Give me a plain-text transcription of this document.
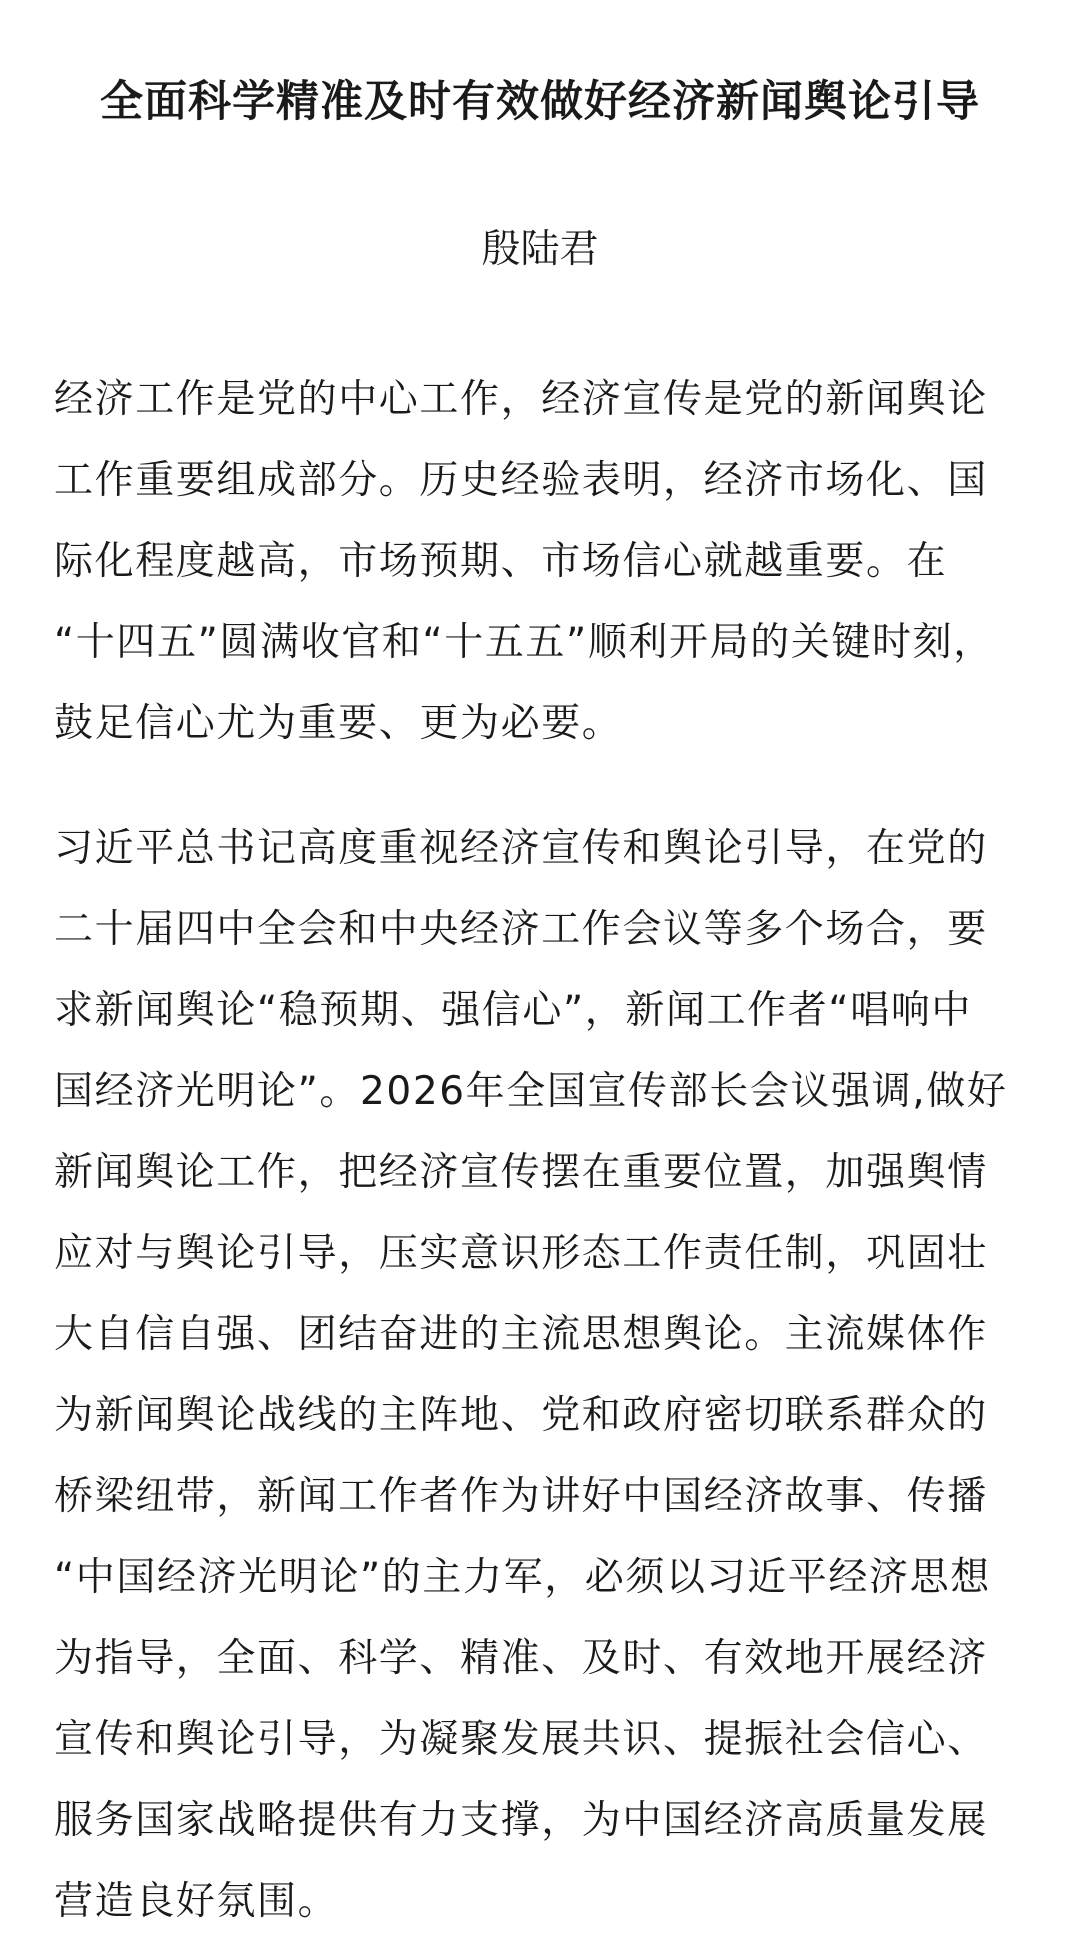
全面科学精准及时有效做好经济新闻舆论引导
殷陆君
经济工作是党的中心工作，经济宣传是党的新闻舆论
工作重要组成部分。历史经验表明，经济市场化、国
际化程度越高，市场预期、市场信心就越重要。在
“十四五”圆满收官和“十五五”顺利开局的关键时刻，
鼓足信心尤为重要、更为必要。
习近平总书记高度重视经济宣传和舆论引导，在党的
二十届四中全会和中央经济工作会议等多个场合，要
求新闻舆论“稳预期、强信心”，新闻工作者“唱响中
国经济光明论”。2026年全国宣传部长会议强调,做好
新闻舆论工作，把经济宣传摆在重要位置，加强舆情
应对与舆论引导，压实意识形态工作责任制，巩固壮
大自信自强、团结奋进的主流思想舆论。主流媒体作
为新闻舆论战线的主阵地、党和政府密切联系群众的
桥梁纽带，新闻工作者作为讲好中国经济故事、传播
“中国经济光明论”的主力军，必须以习近平经济思想
为指导，全面、科学、精准、及时、有效地开展经济
宣传和舆论引导，为凝聚发展共识、提振社会信心、
服务国家战略提供有力支撑，为中国经济高质量发展
营造良好氛围。
